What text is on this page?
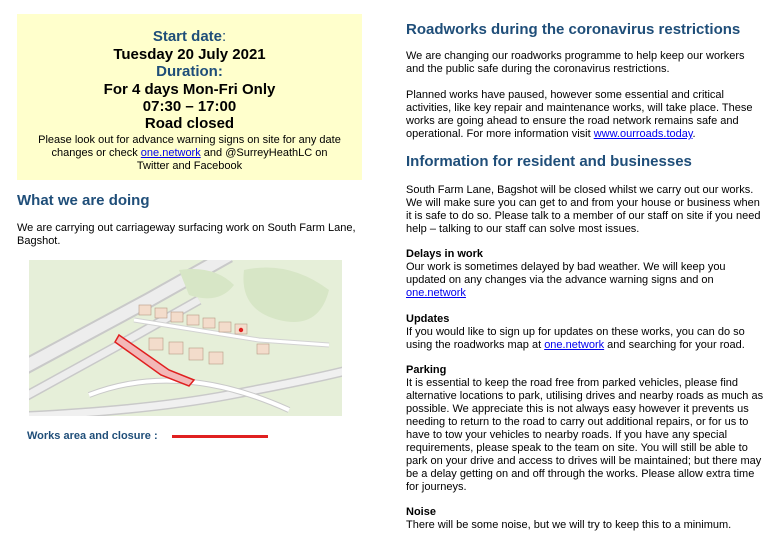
Start date:
Tuesday 20 July 2021
Duration:
For 4 days Mon-Fri Only
07:30 – 17:00
Road closed
Please look out for advance warning signs on site for any date changes or check one.network and @SurreyHeathLC on Twitter and Facebook
What we are doing
We are carrying out carriageway surfacing work on South Farm Lane, Bagshot.
Works area and closure :
Roadworks during the coronavirus restrictions
We are changing our roadworks programme to help keep our workers and the public safe during the coronavirus restrictions.
Planned works have paused, however some essential and critical activities, like key repair and maintenance works, will take place. These works are going ahead to ensure the road network remains safe and operational. For more information visit www.ourroads.today.
Information for resident and businesses
South Farm Lane, Bagshot will be closed whilst we carry out our works. We will make sure you can get to and from your house or business when it is safe to do so. Please talk to a member of our staff on site if you need help – talking to our staff can solve most issues.
Delays in work
Our work is sometimes delayed by bad weather. We will keep you updated on any changes via the advance warning signs and on one.network
Updates
If you would like to sign up for updates on these works, you can do so using the roadworks map at one.network and searching for your road.
Parking
It is essential to keep the road free from parked vehicles, please find alternative locations to park, utilising drives and nearby roads as much as possible. We appreciate this is not always easy however it prevents us needing to return to the road to carry out additional repairs, or for us to have to tow your vehicles to nearby roads. If you have any special requirements, please speak to the team on site. You will still be able to park on your drive and access to drives will be maintained; but there may be a delay getting on and off through the works. Please allow extra time for journeys.
Noise
There will be some noise, but we will try to keep this to a minimum.
